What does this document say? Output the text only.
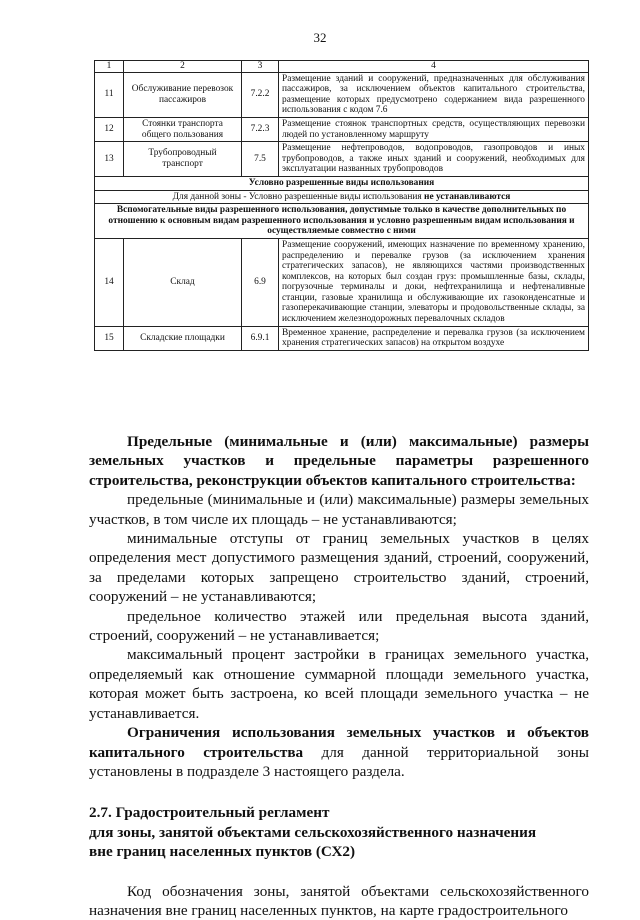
32
1	2	3	4
11	Обслуживание перевозок пассажиров	7.2.2	Размещение зданий и сооружений, предназначенных для обслуживания пассажиров, за исключением объектов капитального строительства, размещение которых предусмотрено содержанием вида разрешенного использования с кодом 7.6
12	Стоянки транспорта общего пользования	7.2.3	Размещение стоянок транспортных средств, осуществляющих перевозки людей по установленному маршруту
13	Трубопроводный транспорт	7.5	Размещение нефтепроводов, водопроводов, газопроводов и иных трубопроводов, а также иных зданий и сооружений, необходимых для эксплуатации названных трубопроводов
Условно разрешенные виды использования			
Для данной зоны - Условно разрешенные виды использования не устанавливаются			
Вспомогательные виды разрешенного использования, допустимые только в качестве дополнительных по отношению к основным видам разрешенного использования и условно разрешенным видам использования и осуществляемые совместно с ними			
14	Склад	6.9	Размещение сооружений, имеющих назначение по временному хранению, распределению и перевалке грузов (за исключением хранения стратегических запасов), не являющихся частями производственных комплексов, на которых был создан груз: промышленные базы, склады, погрузочные терминалы и доки, нефтехранилища и нефтеналивные станции, газовые хранилища и обслуживающие их газоконденсатные и газоперекачивающие станции, элеваторы и продовольственные склады, за исключением железнодорожных перевалочных складов
15	Складские площадки	6.9.1	Временное хранение, распределение и перевалка грузов (за исключением хранения стратегических запасов) на открытом воздухе

Предельные (минимальные и (или) максимальные) размеры земельных участков и предельные параметры разрешенного строительства, реконструкции объектов капитального строительства:

предельные (минимальные и (или) максимальные) размеры земельных участков, в том числе их площадь – не устанавливаются;

минимальные отступы от границ земельных участков в целях определения мест допустимого размещения зданий, строений, сооружений, за пределами которых запрещено строительство зданий, строений, сооружений – не устанавливаются;

предельное количество этажей или предельная высота зданий, строений, сооружений – не устанавливается;

максимальный процент застройки в границах земельного участка, определяемый как отношение суммарной площади земельного участка, которая может быть застроена, ко всей площади земельного участка – не устанавливается.

Ограничения использования земельных участков и объектов капитального строительства для данной территориальной зоны установлены в подразделе 3 настоящего раздела.

2.7. Градостроительный регламент

для зоны, занятой объектами сельскохозяйственного назначения

вне границ населенных пунктов (СХ2)

Код обозначения зоны, занятой объектами сельскохозяйственного назначения вне границ населенных пунктов, на карте градостроительного
